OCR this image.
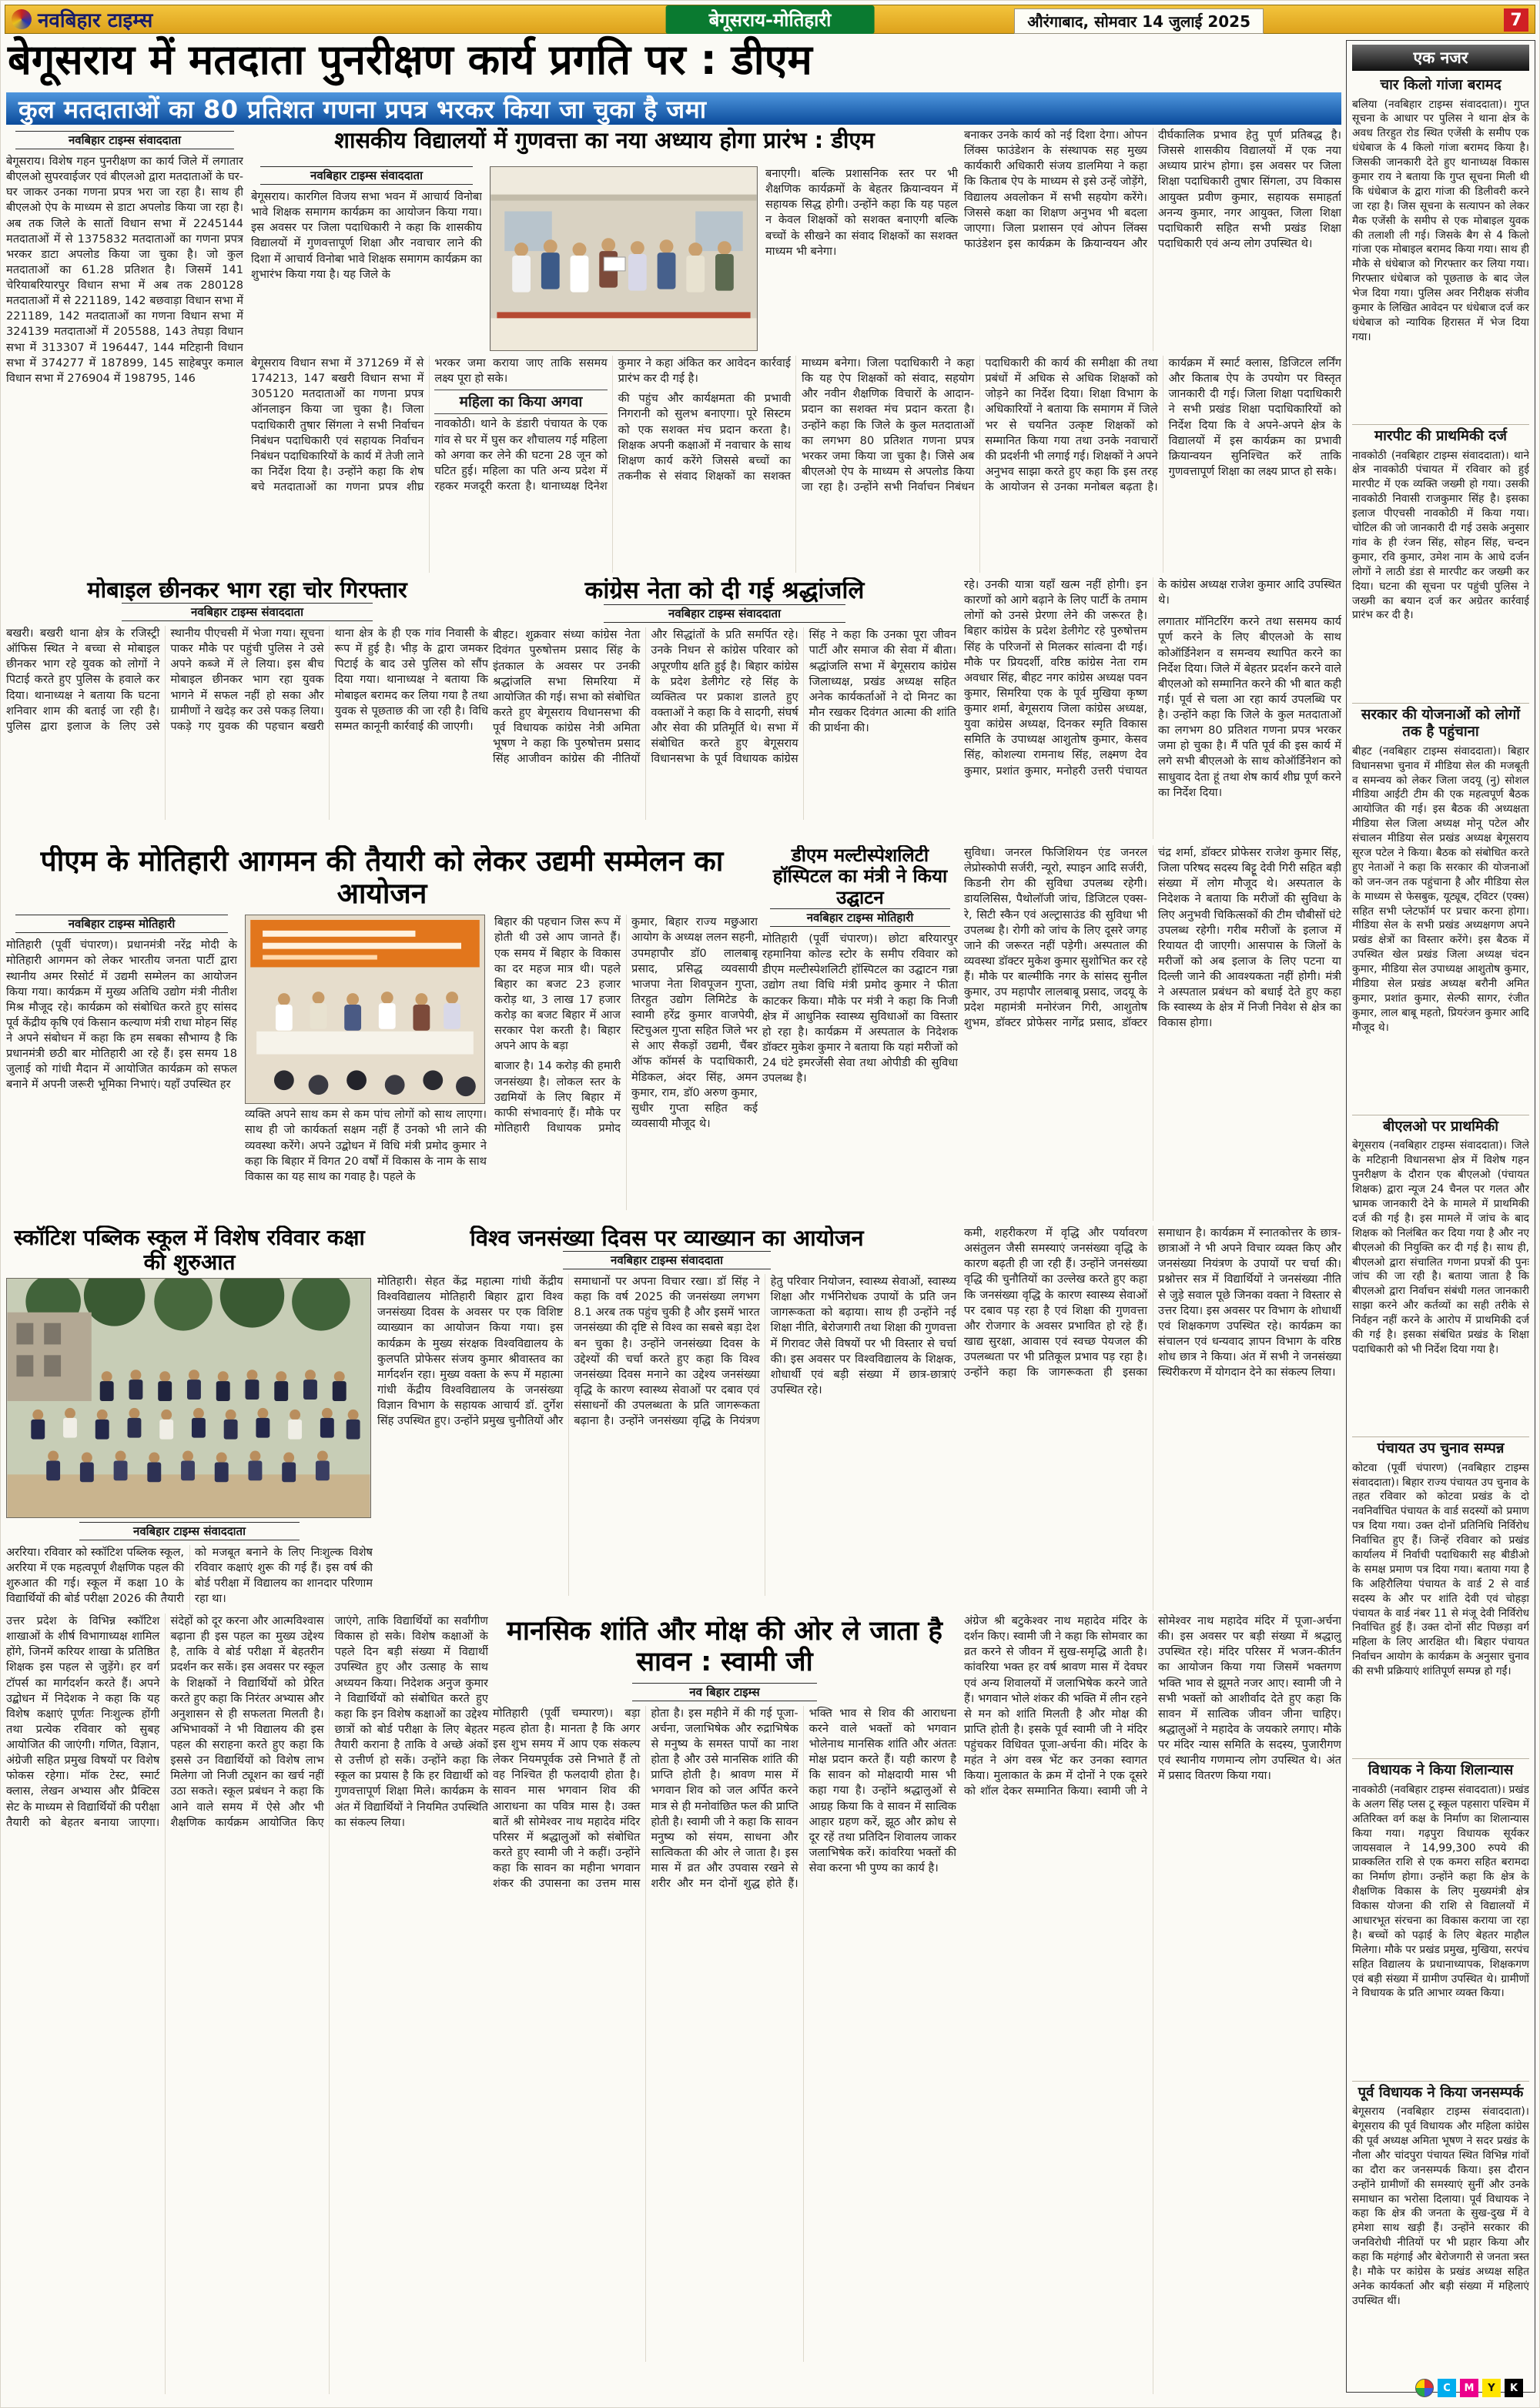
नवबिहार टाइम्स	बेगूसराय-मोतिहारी	औरंगाबाद, सोमवार 14 जुलाई 2025	7
बेगूसराय में मतदाता पुनरीक्षण कार्य प्रगति पर : डीएम
कुल मतदाताओं का 80 प्रतिशत गणना प्रपत्र भरकर किया जा चुका है जमा
नवबिहार टाइम्स संवाददाता

बेगूसराय। विशेष गहन पुनरीक्षण का कार्य जिले में लगातार बीएलओ सुपरवाईजर एवं बीएलओ द्वारा मतदाताओं के घर-घर जाकर उनका गणना प्रपत्र भरा जा रहा है। साथ ही बीएलओ ऐप के माध्यम से डाटा अपलोड किया जा रहा है। अब तक जिले के सातों विधान सभा में 2245144 मतदाताओं में से 1375832 मतदाताओं का गणना प्रपत्र भरकर डाटा अपलोड किया जा चुका है। जो कुल मतदाताओं का 61.28 प्रतिशत है। जिसमें 141 चेरियाबरियारपुर विधान सभा में अब तक 280128 मतदाताओं में से 221189, 142 बछवाड़ा विधान सभा में 221189, 142 मतदाताओं का गणना विधान सभा में 324139 मतदाताओं में 205588, 143 तेघड़ा विधान सभा में 313307 में 196447, 144 मटिहानी विधान सभा में 374277 में 187899, 145 साहेबपुर कमाल विधान सभा में 276904 में 198795, 146

शासकीय विद्यालयों में गुणवत्ता का नया अध्याय होगा प्रारंभ : डीएम	बनाकर उनके कार्य को नई दिशा देगा। ओपन लिंक्स फाउंडेशन के संस्थापक सह मुख्य कार्यकारी अधिकारी संजय डालमिया ने कहा कि किताब ऐप के माध्यम से इसे उन्हें जोड़ेंगे, विद्यालय अवलोकन में सभी सहयोग करेंगे। जिससे कक्षा का शिक्षण अनुभव भी बदला जाएगा। जिला प्रशासन एवं ओपन लिंक्स फाउंडेशन इस कार्यक्रम के क्रियान्वयन और दीर्घकालिक प्रभाव हेतु पूर्ण प्रतिबद्ध है। जिससे शासकीय विद्यालयों में एक नया अध्याय प्रारंभ होगा। इस अवसर पर जिला शिक्षा पदाधिकारी तुषार सिंगला, उप विकास आयुक्त प्रवीण कुमार, सहायक समाहर्ता अनन्य कुमार, नगर आयुक्त, जिला शिक्षा पदाधिकारी सहित सभी प्रखंड शिक्षा पदाधिकारी एवं अन्य लोग उपस्थित थे।

नवबिहार टाइम्स संवाददाता

बेगूसराय। कारगिल विजय सभा भवन में आचार्य विनोबा भावे शिक्षक समागम कार्यक्रम का आयोजन किया गया। इस अवसर पर जिला पदाधिकारी ने कहा कि शासकीय विद्यालयों में गुणवत्तापूर्ण शिक्षा और नवाचार लाने की दिशा में आचार्य विनोबा भावे शिक्षक समागम कार्यक्रम का शुभारंभ किया गया है। यह जिले के

बनाएगी। बल्कि प्रशासनिक स्तर पर भी शैक्षणिक कार्यक्रमों के बेहतर क्रियान्वयन में सहायक सिद्ध होगी। उन्होंने कहा कि यह पहल न केवल शिक्षकों को सशक्त बनाएगी बल्कि बच्चों के सीखने का संवाद शिक्षकों का सशक्त माध्यम भी बनेगा।

बेगूसराय विधान सभा में 371269 में से 174213, 147 बखरी विधान सभा में 305120 मतदाताओं का गणना प्रपत्र ऑनलाइन किया जा चुका है। जिला पदाधिकारी तुषार सिंगला ने सभी निर्वाचन निबंधन पदाधिकारी एवं सहायक निर्वाचन निबंधन पदाधिकारियों के कार्य में तेजी लाने का निर्देश दिया है। उन्होंने कहा कि शेष बचे मतदाताओं का गणना प्रपत्र शीघ्र भरकर जमा कराया जाए ताकि ससमय लक्ष्य पूरा हो सके।

महिला का किया अगवा

नावकोठी। थाने के डंडारी पंचायत के एक गांव से घर में घुस कर शौचालय गई महिला को अगवा कर लेने की घटना 28 जून को घटित हुई। महिला का पति अन्य प्रदेश में रहकर मजदूरी करता है। थानाध्यक्ष दिनेश कुमार ने कहा अंकित कर आवेदन कार्रवाई प्रारंभ कर दी गई है।

की पहुंच और कार्यक्षमता की प्रभावी निगरानी को सुलभ बनाएगा। पूरे सिस्टम को एक सशक्त मंच प्रदान करता है। शिक्षक अपनी कक्षाओं में नवाचार के साथ शिक्षण कार्य करेंगे जिससे बच्चों का तकनीक से संवाद शिक्षकों का सशक्त माध्यम बनेगा। जिला पदाधिकारी ने कहा कि यह ऐप शिक्षकों को संवाद, सहयोग और नवीन शैक्षणिक विचारों के आदान-प्रदान का सशक्त मंच प्रदान करता है। उन्होंने कहा कि जिले के कुल मतदाताओं का लगभग 80 प्रतिशत गणना प्रपत्र भरकर जमा किया जा चुका है। जिसे अब बीएलओ ऐप के माध्यम से अपलोड किया जा रहा है। उन्होंने सभी निर्वाचन निबंधन पदाधिकारी की कार्य की समीक्षा की तथा प्रबंधों में अधिक से अधिक शिक्षकों को जोड़ने का निर्देश दिया। शिक्षा विभाग के अधिकारियों ने बताया कि समागम में जिले भर से चयनित उत्कृष्ट शिक्षकों को सम्मानित किया गया तथा उनके नवाचारों की प्रदर्शनी भी लगाई गई। शिक्षकों ने अपने अनुभव साझा करते हुए कहा कि इस तरह के आयोजन से उनका मनोबल बढ़ता है। कार्यक्रम में स्मार्ट क्लास, डिजिटल लर्निंग और किताब ऐप के उपयोग पर विस्तृत जानकारी दी गई। जिला शिक्षा पदाधिकारी ने सभी प्रखंड शिक्षा पदाधिकारियों को निर्देश दिया कि वे अपने-अपने क्षेत्र के विद्यालयों में इस कार्यक्रम का प्रभावी क्रियान्वयन सुनिश्चित करें ताकि गुणवत्तापूर्ण शिक्षा का लक्ष्य प्राप्त हो सके।

मोबाइल छीनकर भाग रहा चोर गिरफ्तार
नवबिहार टाइम्स संवाददाता

बखरी। बखरी थाना क्षेत्र के रजिस्ट्री ऑफिस स्थित ने बच्चा से मोबाइल छीनकर भाग रहे युवक को लोगों ने पिटाई करते हुए पुलिस के हवाले कर दिया। थानाध्यक्ष ने बताया कि घटना शनिवार शाम की बताई जा रही है। पुलिस द्वारा इलाज के लिए उसे स्थानीय पीएचसी में भेजा गया। सूचना पाकर मौके पर पहुंची पुलिस ने उसे अपने कब्जे में ले लिया। इस बीच मोबाइल छीनकर भाग रहा युवक भागने में सफल नहीं हो सका और ग्रामीणों ने खदेड़ कर उसे पकड़ लिया। पकड़े गए युवक की पहचान बखरी थाना क्षेत्र के ही एक गांव निवासी के रूप में हुई है। भीड़ के द्वारा जमकर पिटाई के बाद उसे पुलिस को सौंप दिया गया। थानाध्यक्ष ने बताया कि मोबाइल बरामद कर लिया गया है तथा युवक से पूछताछ की जा रही है। विधि सम्मत कानूनी कार्रवाई की जाएगी।

कांग्रेस नेता को दी गई श्रद्धांजलि
नवबिहार टाइम्स संवाददाता

बीहट। शुक्रवार संध्या कांग्रेस नेता दिवंगत पुरुषोत्तम प्रसाद सिंह के इंतकाल के अवसर पर उनकी श्रद्धांजलि सभा सिमरिया में आयोजित की गई। सभा को संबोधित करते हुए बेगूसराय विधानसभा की पूर्व विधायक कांग्रेस नेत्री अमिता भूषण ने कहा कि पुरुषोत्तम प्रसाद सिंह आजीवन कांग्रेस की नीतियों और सिद्धांतों के प्रति समर्पित रहे। उनके निधन से कांग्रेस परिवार को अपूरणीय क्षति हुई है। बिहार कांग्रेस के प्रदेश डेलीगेट रहे सिंह के व्यक्तित्व पर प्रकाश डालते हुए वक्ताओं ने कहा कि वे सादगी, संघर्ष और सेवा की प्रतिमूर्ति थे। सभा में संबोधित करते हुए बेगूसराय विधानसभा के पूर्व विधायक कांग्रेस सिंह ने कहा कि उनका पूरा जीवन पार्टी और समाज की सेवा में बीता। श्रद्धांजलि सभा में बेगूसराय कांग्रेस जिलाध्यक्ष, प्रखंड अध्यक्ष सहित अनेक कार्यकर्ताओं ने दो मिनट का मौन रखकर दिवंगत आत्मा की शांति की प्रार्थना की।

रहे। उनकी यात्रा यहाँ खत्म नहीं होगी। इन कारणों को आगे बढ़ाने के लिए पार्टी के तमाम लोगों को उनसे प्रेरणा लेने की जरूरत है। बिहार कांग्रेस के प्रदेश डेलीगेट रहे पुरुषोत्तम सिंह के परिजनों से मिलकर सांत्वना दी गई। मौके पर प्रियदर्शी, वरिष्ठ कांग्रेस नेता राम अवधार सिंह, बीहट नगर कांग्रेस अध्यक्ष पवन कुमार, सिमरिया एक के पूर्व मुखिया कृष्ण कुमार शर्मा, बेगूसराय जिला कांग्रेस अध्यक्ष, युवा कांग्रेस अध्यक्ष, दिनकर स्मृति विकास समिति के उपाध्यक्ष आशुतोष कुमार, केसव सिंह, कोशल्या रामनाथ सिंह, लक्ष्मण देव कुमार, प्रशांत कुमार, मनोहरी उत्तरी पंचायत के कांग्रेस अध्यक्ष राजेश कुमार आदि उपस्थित थे।

लगातार मॉनिटरिंग करने तथा ससमय कार्य पूर्ण करने के लिए बीएलओ के साथ कोऑर्डिनेशन व समन्वय स्थापित करने का निर्देश दिया। जिले में बेहतर प्रदर्शन करने वाले बीएलओ को सम्मानित करने की भी बात कही गई। पूर्व से चला आ रहा कार्य उपलब्धि पर है। उन्होंने कहा कि जिले के कुल मतदाताओं का लगभग 80 प्रतिशत गणना प्रपत्र भरकर जमा हो चुका है। मैं पति पूर्व की इस कार्य में लगे सभी बीएलओ के साथ कोऑर्डिनेशन को साधुवाद देता हूं तथा शेष कार्य शीघ्र पूर्ण करने का निर्देश दिया।

पीएम के मोतिहारी आगमन की तैयारी को लेकर उद्यमी सम्मेलन का आयोजन
नवबिहार टाइम्स मोतिहारी

मोतिहारी (पूर्वी चंपारण)। प्रधानमंत्री नरेंद्र मोदी के मोतिहारी आगमन को लेकर भारतीय जनता पार्टी द्वारा स्थानीय अमर रिसोर्ट में उद्यमी सम्मेलन का आयोजन किया गया। कार्यक्रम में मुख्य अतिथि उद्योग मंत्री नीतीश मिश्र मौजूद रहे। कार्यक्रम को संबोधित करते हुए सांसद पूर्व केंद्रीय कृषि एवं किसान कल्याण मंत्री राधा मोहन सिंह ने अपने संबोधन में कहा कि हम सबका सौभाग्य है कि प्रधानमंत्री छठी बार मोतिहारी आ रहे हैं। इस समय 18 जुलाई को गांधी मैदान में आयोजित कार्यक्रम को सफल बनाने में अपनी जरूरी भूमिका निभाएं। यहाँ उपस्थित हर

व्यक्ति अपने साथ कम से कम पांच लोगों को साथ लाएगा। साथ ही जो कार्यकर्ता सक्षम नहीं हैं उनको भी लाने की व्यवस्था करेंगे। अपने उद्बोधन में विधि मंत्री प्रमोद कुमार ने कहा कि बिहार में विगत 20 वर्षों में विकास के नाम के साथ विकास का यह साथ का गवाह है। पहले के

बिहार की पहचान जिस रूप में होती थी उसे आप जानते हैं। एक समय में बिहार के विकास का दर महज मात्र थी। पहले बिहार का बजट 23 हजार करोड़ था, 3 लाख 17 हजार करोड़ का बजट बिहार में आज सरकार पेश करती है। बिहार अपने आप के बड़ा

बाजार है। 14 करोड़ की हमारी जनसंख्या है। लोकल स्तर के उद्यमियों के लिए बिहार में काफी संभावनाएं हैं। मौके पर मोतिहारी विधायक प्रमोद कुमार, बिहार राज्य मछुआरा आयोग के अध्यक्ष ललन सहनी, उपमहापौर डॉ0 लालबाबू प्रसाद, प्रसिद्ध व्यवसायी भाजपा नेता शिवपूजन गुप्ता, तिरहुत उद्योग लिमिटेड के स्वामी हरेंद्र कुमार वाजपेयी, स्टिचुअल गुप्ता सहित जिले भर से आए सैकड़ों उद्यमी, चैंबर ऑफ कॉमर्स के पदाधिकारी, मेडिकल, अंदर सिंह, अमन कुमार, राम, डॉ0 अरुण कुमार, सुधीर गुप्ता सहित कई व्यवसायी मौजूद थे।

डीएम मल्टीस्पेशलिटी हॉस्पिटल का मंत्री ने किया उद्घाटन
नवबिहार टाइम्स मोतिहारी

मोतिहारी (पूर्वी चंपारण)। छोटा बरियारपुर रहमानिया कोल्ड स्टोर के समीप रविवार को डीएम मल्टीस्पेशलिटी हॉस्पिटल का उद्घाटन गन्ना उद्योग तथा विधि मंत्री प्रमोद कुमार ने फीता काटकर किया। मौके पर मंत्री ने कहा कि निजी क्षेत्र में आधुनिक स्वास्थ्य सुविधाओं का विस्तार हो रहा है। कार्यक्रम में अस्पताल के निदेशक डॉक्टर मुकेश कुमार ने बताया कि यहां मरीजों को 24 घंटे इमरजेंसी सेवा तथा ओपीडी की सुविधा उपलब्ध है।

सुविधा। जनरल फिजिशियन एंड जनरल लेप्रोस्कोपी सर्जरी, न्यूरो, स्पाइन आदि सर्जरी, किडनी रोग की सुविधा उपलब्ध रहेगी। डायलिसिस, पैथोलॉजी जांच, डिजिटल एक्स-रे, सिटी स्कैन एवं अल्ट्रासाउंड की सुविधा भी उपलब्ध है। रोगी को जांच के लिए दूसरे जगह जाने की जरूरत नहीं पड़ेगी। अस्पताल की व्यवस्था डॉक्टर मुकेश कुमार सुशोभित कर रहे हैं। मौके पर बाल्मीकि नगर के सांसद सुनील कुमार, उप महापौर लालबाबू प्रसाद, जदयू के प्रदेश महामंत्री मनोरंजन गिरी, आशुतोष शुभम, डॉक्टर प्रोफेसर नागेंद्र प्रसाद, डॉक्टर चंद्र शर्मा, डॉक्टर प्रोफेसर राजेश कुमार सिंह, जिला परिषद सदस्य बिट्टू देवी गिरी सहित बड़ी संख्या में लोग मौजूद थे। अस्पताल के निदेशक ने बताया कि मरीजों की सुविधा के लिए अनुभवी चिकित्सकों की टीम चौबीसों घंटे उपलब्ध रहेगी। गरीब मरीजों के इलाज में रियायत दी जाएगी। आसपास के जिलों के मरीजों को अब इलाज के लिए पटना या दिल्ली जाने की आवश्यकता नहीं होगी। मंत्री ने अस्पताल प्रबंधन को बधाई देते हुए कहा कि स्वास्थ्य के क्षेत्र में निजी निवेश से क्षेत्र का विकास होगा।

स्कॉटिश पब्लिक स्कूल में विशेष रविवार कक्षा की शुरुआत
नवबिहार टाइम्स संवाददाता

अररिया। रविवार को स्कॉटिश पब्लिक स्कूल, अररिया में एक महत्वपूर्ण शैक्षणिक पहल की शुरुआत की गई। स्कूल में कक्षा 10 के विद्यार्थियों की बोर्ड परीक्षा 2026 की तैयारी को मजबूत बनाने के लिए निःशुल्क विशेष रविवार कक्षाएं शुरू की गई हैं। इस वर्ष की बोर्ड परीक्षा में विद्यालय का शानदार परिणाम रहा था।

विश्व जनसंख्या दिवस पर व्याख्यान का आयोजन
नवबिहार टाइम्स संवाददाता

मोतिहारी। सेहत केंद्र महात्मा गांधी केंद्रीय विश्वविद्यालय मोतिहारी बिहार द्वारा विश्व जनसंख्या दिवस के अवसर पर एक विशिष्ट व्याख्यान का आयोजन किया गया। इस कार्यक्रम के मुख्य संरक्षक विश्वविद्यालय के कुलपति प्रोफेसर संजय कुमार श्रीवास्तव का मार्गदर्शन रहा। मुख्य वक्ता के रूप में महात्मा गांधी केंद्रीय विश्वविद्यालय के जनसंख्या विज्ञान विभाग के सहायक आचार्य डॉ. दुर्गेश सिंह उपस्थित हुए। उन्होंने प्रमुख चुनौतियों और समाधानों पर अपना विचार रखा। डॉ सिंह ने कहा कि वर्ष 2025 की जनसंख्या लगभग 8.1 अरब तक पहुंच चुकी है और इसमें भारत जनसंख्या की दृष्टि से विश्व का सबसे बड़ा देश बन चुका है। उन्होंने जनसंख्या दिवस के उद्देश्यों की चर्चा करते हुए कहा कि विश्व जनसंख्या दिवस मनाने का उद्देश्य जनसंख्या वृद्धि के कारण स्वास्थ्य सेवाओं पर दबाव एवं संसाधनों की उपलब्धता के प्रति जागरूकता बढ़ाना है। उन्होंने जनसंख्या वृद्धि के नियंत्रण हेतु परिवार नियोजन, स्वास्थ्य सेवाओं, स्वास्थ्य शिक्षा और गर्भनिरोधक उपायों के प्रति जन जागरूकता को बढ़ाया। साथ ही उन्होंने नई शिक्षा नीति, बेरोजगारी तथा शिक्षा की गुणवत्ता में गिरावट जैसे विषयों पर भी विस्तार से चर्चा की। इस अवसर पर विश्वविद्यालय के शिक्षक, शोधार्थी एवं बड़ी संख्या में छात्र-छात्राएं उपस्थित रहे।

कमी, शहरीकरण में वृद्धि और पर्यावरण असंतुलन जैसी समस्याएं जनसंख्या वृद्धि के कारण बढ़ती ही जा रही हैं। उन्होंने जनसंख्या वृद्धि की चुनौतियों का उल्लेख करते हुए कहा कि जनसंख्या वृद्धि के कारण स्वास्थ्य सेवाओं पर दबाव पड़ रहा है एवं शिक्षा की गुणवत्ता और रोजगार के अवसर प्रभावित हो रहे हैं। खाद्य सुरक्षा, आवास एवं स्वच्छ पेयजल की उपलब्धता पर भी प्रतिकूल प्रभाव पड़ रहा है। उन्होंने कहा कि जागरूकता ही इसका समाधान है। कार्यक्रम में स्नातकोत्तर के छात्र-छात्राओं ने भी अपने विचार व्यक्त किए और जनसंख्या नियंत्रण के उपायों पर चर्चा की। प्रश्नोत्तर सत्र में विद्यार्थियों ने जनसंख्या नीति से जुड़े सवाल पूछे जिनका वक्ता ने विस्तार से उत्तर दिया। इस अवसर पर विभाग के शोधार्थी एवं शिक्षकगण उपस्थित रहे। कार्यक्रम का संचालन एवं धन्यवाद ज्ञापन विभाग के वरिष्ठ शोध छात्र ने किया। अंत में सभी ने जनसंख्या स्थिरीकरण में योगदान देने का संकल्प लिया।

उत्तर प्रदेश के विभिन्न स्कॉटिश शाखाओं के शीर्ष विभागाध्यक्ष शामिल होंगे, जिनमें करियर शाखा के प्रतिष्ठित शिक्षक इस पहल से जुड़ेंगे। हर वर्ग टॉपर्स का मार्गदर्शन करते हैं। अपने उद्बोधन में निदेशक ने कहा कि यह विशेष कक्षाएं पूर्णतः निःशुल्क होंगी तथा प्रत्येक रविवार को सुबह आयोजित की जाएं‍गी। गणित, विज्ञान, अंग्रेजी सहित प्रमुख विषयों पर विशेष फोकस रहेगा। मॉक टेस्ट, स्मार्ट क्लास, लेखन अभ्यास और प्रैक्टिस सेट के माध्यम से विद्यार्थियों की परीक्षा तैयारी को बेहतर बनाया जाएगा। संदेहों को दूर करना और आत्मविश्वास बढ़ाना ही इस पहल का मुख्य उद्देश्य है, ताकि वे बोर्ड परीक्षा में बेहतरीन प्रदर्शन कर सकें। इस अवसर पर स्कूल के शिक्षकों ने विद्यार्थियों को प्रेरित करते हुए कहा कि निरंतर अभ्यास और अनुशासन से ही सफलता मिलती है। अभिभावकों ने भी विद्यालय की इस पहल की सराहना करते हुए कहा कि इससे उन विद्यार्थियों को विशेष लाभ मिलेगा जो निजी ट्यूशन का खर्च नहीं उठा सकते। स्कूल प्रबंधन ने कहा कि आने वाले समय में ऐसे और भी शैक्षणिक कार्यक्रम आयोजित किए जाएंगे, ताकि विद्यार्थियों का सर्वांगीण विकास हो सके। विशेष कक्षाओं के पहले दिन बड़ी संख्या में विद्यार्थी उपस्थित हुए और उत्साह के साथ अध्ययन किया। निदेशक अनुज कुमार ने विद्यार्थियों को संबोधित करते हुए कहा कि इन विशेष कक्षाओं का उद्देश्य छात्रों को बोर्ड परीक्षा के लिए बेहतर तैयारी कराना है ताकि वे अच्छे अंकों से उत्तीर्ण हो सकें। उन्होंने कहा कि स्कूल का प्रयास है कि हर विद्यार्थी को गुणवत्तापूर्ण शिक्षा मिले। कार्यक्रम के अंत में विद्यार्थियों ने नियमित उपस्थिति का संकल्प लिया।

मानसिक शांति और मोक्ष की ओर ले जाता है सावन : स्वामी जी
नव बिहार टाइम्स

मोतिहारी (पूर्वी चम्पारण)। बड़ा महत्व होता है। मानता है कि अगर इस शुभ समय में आप एक संकल्प लेकर नियमपूर्वक उसे निभाते हैं तो वह निश्चित ही फलदायी होता है। सावन मास भगवान शिव की आराधना का पवित्र मास है। उक्त बातें श्री सोमेश्वर नाथ महादेव मंदिर परिसर में श्रद्धालुओं को संबोधित करते हुए स्वामी जी ने कहीं। उन्होंने कहा कि सावन का महीना भगवान शंकर की उपासना का उत्तम मास होता है। इस महीने में की गई पूजा-अर्चना, जलाभिषेक और रुद्राभिषेक से मनुष्य के समस्त पापों का नाश होता है और उसे मानसिक शांति की प्राप्ति होती है। श्रावण मास में भगवान शिव को जल अर्पित करने मात्र से ही मनोवांछित फल की प्राप्ति होती है। स्वामी जी ने कहा कि सावन मनुष्य को संयम, साधना और सात्विकता की ओर ले जाता है। इस मास में व्रत और उपवास रखने से शरीर और मन दोनों शुद्ध होते हैं। भक्ति भाव से शिव की आराधना करने वाले भक्तों को भगवान भोलेनाथ मानसिक शांति और अंततः मोक्ष प्रदान करते हैं। यही कारण है कि सावन को मोक्षदायी मास भी कहा गया है। उन्होंने श्रद्धालुओं से आग्रह किया कि वे सावन में सात्विक आहार ग्रहण करें, झूठ और क्रोध से दूर रहें तथा प्रतिदिन शिवालय जाकर जलाभिषेक करें। कांवरिया भक्तों की सेवा करना भी पुण्य का कार्य है।

अंग्रेज श्री बटुकेश्वर नाथ महादेव मंदिर के दर्शन किए। स्वामी जी ने कहा कि सोमवार का व्रत करने से जीवन में सुख-समृद्धि आती है। कांवरिया भक्त हर वर्ष श्रावण मास में देवघर एवं अन्य शिवालयों में जलाभिषेक करने जाते हैं। भगवान भोले शंकर की भक्ति में लीन रहने से मन को शांति मिलती है और मोक्ष की प्राप्ति होती है। इसके पूर्व स्वामी जी ने मंदिर पहुंचकर विधिवत पूजा-अर्चना की। मंदिर के महंत ने अंग वस्त्र भेंट कर उनका स्वागत किया। मुलाकात के क्रम में दोनों ने एक दूसरे को शॉल देकर सम्मानित किया। स्वामी जी ने सोमेश्वर नाथ महादेव मंदिर में पूजा-अर्चना की। इस अवसर पर बड़ी संख्या में श्रद्धालु उपस्थित रहे। मंदिर परिसर में भजन-कीर्तन का आयोजन किया गया जिसमें भक्तगण भक्ति भाव से झूमते नजर आए। स्वामी जी ने सभी भक्तों को आशीर्वाद देते हुए कहा कि सावन में सात्विक जीवन जीना चाहिए। श्रद्धालुओं ने महादेव के जयकारे लगाए। मौके पर मंदिर न्यास समिति के सदस्य, पुजारीगण एवं स्थानीय गणमान्य लोग उपस्थित थे। अंत में प्रसाद वितरण किया गया।

एक नजर
चार किलो गांजा बरामद

बलिया (नवबिहार टाइम्स संवाददाता)। गुप्त सूचना के आधार पर पुलिस ने थाना क्षेत्र के अवध तिरहुत रोड स्थित एजेंसी के समीप एक धंधेबाज के 4 किलो गांजा बरामद किया है। जिसकी जानकारी देते हुए थानाध्यक्ष विकास कुमार राय ने बताया कि गुप्त सूचना मिली थी कि धंधेबाज के द्वारा गांजा की डिलीवरी करने जा रहा है। जिस सूचना के सत्यापन को लेकर मैक एजेंसी के समीप से एक मोबाइल युवक की तलाशी ली गई। जिसके बैग से 4 किलो गांजा एक मोबाइल बरामद किया गया। साथ ही मौके से धंधेबाज को गिरफ्तार कर लिया गया। गिरफ्तार धंधेबाज को पूछताछ के बाद जेल भेज दिया गया। पुलिस अवर निरीक्षक संजीव कुमार के लिखित आवेदन पर धंधेबाज दर्ज कर धंधेबाज को न्यायिक हिरासत में भेज दिया गया।

मारपीट की प्राथमिकी दर्ज

नावकोठी (नवबिहार टाइम्स संवाददाता)। थाने क्षेत्र नावकोठी पंचायत में रविवार को हुई मारपीट में एक व्यक्ति जख्मी हो गया। उसकी नावकोठी निवासी राजकुमार सिंह है। इसका इलाज पीएचसी नावकोठी में किया गया। चोटिल की जो जानकारी दी गई उसके अनुसार गांव के ही रंजन सिंह, सोहन सिंह, चन्दन कुमार, रवि कुमार, उमेश नाम के आधे दर्जन लोगों ने लाठी डंडा से मारपीट कर जख्मी कर दिया। घटना की सूचना पर पहुंची पुलिस ने जख्मी का बयान दर्ज कर अग्रेतर कार्रवाई प्रारंभ कर दी है।

सरकार की योजनाओं को लोगों तक है पहुंचाना

बीहट (नवबिहार टाइम्स संवाददाता)। बिहार विधानसभा चुनाव में मीडिया सेल की मजबूती व समन्वय को लेकर जिला जदयू (नु) सोशल मीडिया आईटी टीम की एक महत्वपूर्ण बैठक आयोजित की गई। इस बैठक की अध्यक्षता मीडिया सेल जिला अध्यक्ष मोनू पटेल और संचालन मीडिया सेल प्रखंड अध्यक्ष बेगूसराय सूरज पटेल ने किया। बैठक को संबोधित करते हुए नेताओं ने कहा कि सरकार की योजनाओं को जन-जन तक पहुंचाना है और मीडिया सेल के माध्यम से फेसबुक, यूट्यूब, ट्विटर (एक्स) सहित सभी प्लेटफॉर्म पर प्रचार करना होगा। मीडिया सेल के सभी प्रखंड अध्यक्षगण अपने प्रखंड क्षेत्रों का विस्तार करेंगे। इस बैठक में उपस्थित खेल प्रखंड जिला अध्यक्ष चंदन कुमार, मीडिया सेल उपाध्यक्ष आशुतोष कुमार, मीडिया सेल प्रखंड अध्यक्ष बरौनी अमित कुमार, प्रशांत कुमार, सेल्फी सागर, रंजीत कुमार, लाल बाबू महतो, प्रियरंजन कुमार आदि मौजूद थे।

बीएलओ पर प्राथमिकी

बेगूसराय (नवबिहार टाइम्स संवाददाता)। जिले के मटिहानी विधानसभा क्षेत्र में विशेष गहन पुनरीक्षण के दौरान एक बीएलओ (पंचायत शिक्षक) द्वारा न्यूज 24 चैनल पर गलत और भ्रामक जानकारी देने के मामले में प्राथमिकी दर्ज की गई है। इस मामले में जांच के बाद शिक्षक को निलंबित कर दिया गया है और नए बीएलओ की नियुक्ति कर दी गई है। साथ ही, बीएलओ द्वारा संचालित गणना प्रपत्रों की पुनः जांच की जा रही है। बताया जाता है कि बीएलओ द्वारा निर्वाचन संबंधी गलत जानकारी साझा करने और कर्तव्यों का सही तरीके से निर्वहन नहीं करने के आरोप में प्राथमिकी दर्ज की गई है। इसका संबंधित प्रखंड के शिक्षा पदाधिकारी को भी निर्देश दिया गया है।

पंचायत उप चुनाव सम्पन्न

कोटवा (पूर्वी चंपारण) (नवबिहार टाइम्स संवाददाता)। बिहार राज्य पंचायत उप चुनाव के तहत रविवार को कोटवा प्रखंड के दो नवनिर्वाचित पंचायत के वार्ड सदस्यों को प्रमाण पत्र दिया गया। उक्त दोनों प्रतिनिधि निर्विरोध निर्वाचित हुए हैं। जिन्हें रविवार को प्रखंड कार्यालय में निर्वाची पदाधिकारी सह बीडीओ के समक्ष प्रमाण पत्र दिया गया। बताया गया है कि अहिरौलिया पंचायत के वार्ड 2 से वार्ड सदस्य के और पर शांति देवी एवं चोहड़ा पंचायत के वार्ड नंबर 11 से मंजू देवी निर्विरोध निर्वाचित हुई हैं। उक्त दोनों सीट पिछड़ा वर्ग महिला के लिए आरक्षित थी। बिहार पंचायत निर्वाचन आयोग के कार्यक्रम के अनुसार चुनाव की सभी प्रक्रियाएं शांतिपूर्ण सम्पन्न हो गईं।

विधायक ने किया शिलान्यास

नावकोठी (नवबिहार टाइम्स संवाददाता)। प्रखंड के अलग सिंह प्लस टू स्कूल पहसारा पश्चिम में अतिरिक्त वर्ग कक्ष के निर्माण का शिलान्यास किया गया। गढ़पुरा विधायक सूर्यकर जायसवाल ने 14,99,300 रुपये की प्राक्कलित राशि से एक कमरा सहित बरामदा का निर्माण होगा। उन्होंने कहा कि क्षेत्र के शैक्षणिक विकास के लिए मुख्यमंत्री क्षेत्र विकास योजना की राशि से विद्यालयों में आधारभूत संरचना का विकास कराया जा रहा है। बच्चों को पढ़ाई के लिए बेहतर माहौल मिलेगा। मौके पर प्रखंड प्रमुख, मुखिया, सरपंच सहित विद्यालय के प्रधानाध्यापक, शिक्षकगण एवं बड़ी संख्या में ग्रामीण उपस्थित थे। ग्रामीणों ने विधायक के प्रति आभार व्यक्त किया।

पूर्व विधायक ने किया जनसम्पर्क

बेगूसराय (नवबिहार टाइम्स संवाददाता)। बेगूसराय की पूर्व विधायक और महिला कांग्रेस की पूर्व अध्यक्ष अमिता भूषण ने सदर प्रखंड के नौला और चांदपुरा पंचायत स्थित विभिन्न गांवों का दौरा कर जनसम्पर्क किया। इस दौरान उन्होंने ग्रामीणों की समस्याएं सुनीं और उनके समाधान का भरोसा दिलाया। पूर्व विधायक ने कहा कि क्षेत्र की जनता के सुख-दुख में वे हमेशा साथ खड़ी हैं। उन्होंने सरकार की जनविरोधी नीतियों पर भी प्रहार किया और कहा कि महंगाई और बेरोजगारी से जनता त्रस्त है। मौके पर कांग्रेस के प्रखंड अध्यक्ष सहित अनेक कार्यकर्ता और बड़ी संख्या में महिलाएं उपस्थित थीं।

C	M	Y	K
